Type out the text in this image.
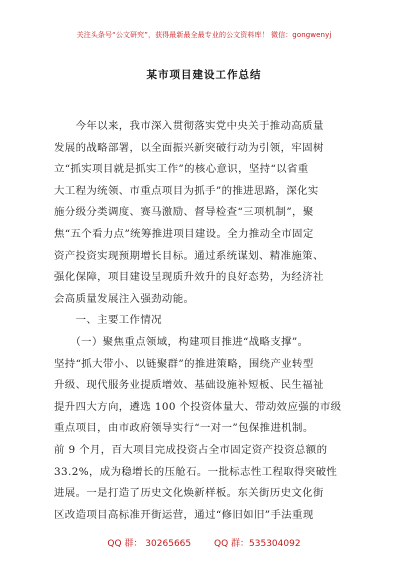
关注头条号“公文研究”，获得最新最全最专业的公文资料库！ 微信：gongwenyj
某市项目建设工作总结
　　今年以来，我市深入贯彻落实党中央关于推动高质量
发展的战略部署，以全面振兴新突破行动为引领，牢固树
立“抓实项目就是抓实工作”的核心意识，坚持“以省重
大工程为统领、市重点项目为抓手”的推进思路，深化实
施分级分类调度、赛马激励、督导检查“三项机制”，聚
焦“五个看力点”统筹推进项目建设。全力推动全市固定
资产投资实现预期增长目标。通过系统谋划、精准施策、
强化保障，项目建设呈现质升效升的良好态势，为经济社
会高质量发展注入强劲动能。
　　一、主要工作情况
　　（一）聚焦重点领域，构建项目推进“战略支撑”。
坚持“抓大带小、以链聚群”的推进策略，围绕产业转型
升级、现代服务业提质增效、基础设施补短板、民生福祉
提升四大方向，遴选 100 个投资体量大、带动效应强的市级
重点项目，由市政府领导实行“一对一”包保推进机制。
前 9 个月，百大项目完成投资占全市固定资产投资总额的
33.2%，成为稳增长的压舱石。一批标志性工程取得突破性
进展。一是打造了历史文化焕新样板。东关街历史文化街
区改造项目高标准开街运营，通过“修旧如旧”手法重现
QQ 群： 30265665	QQ 群：535304092
